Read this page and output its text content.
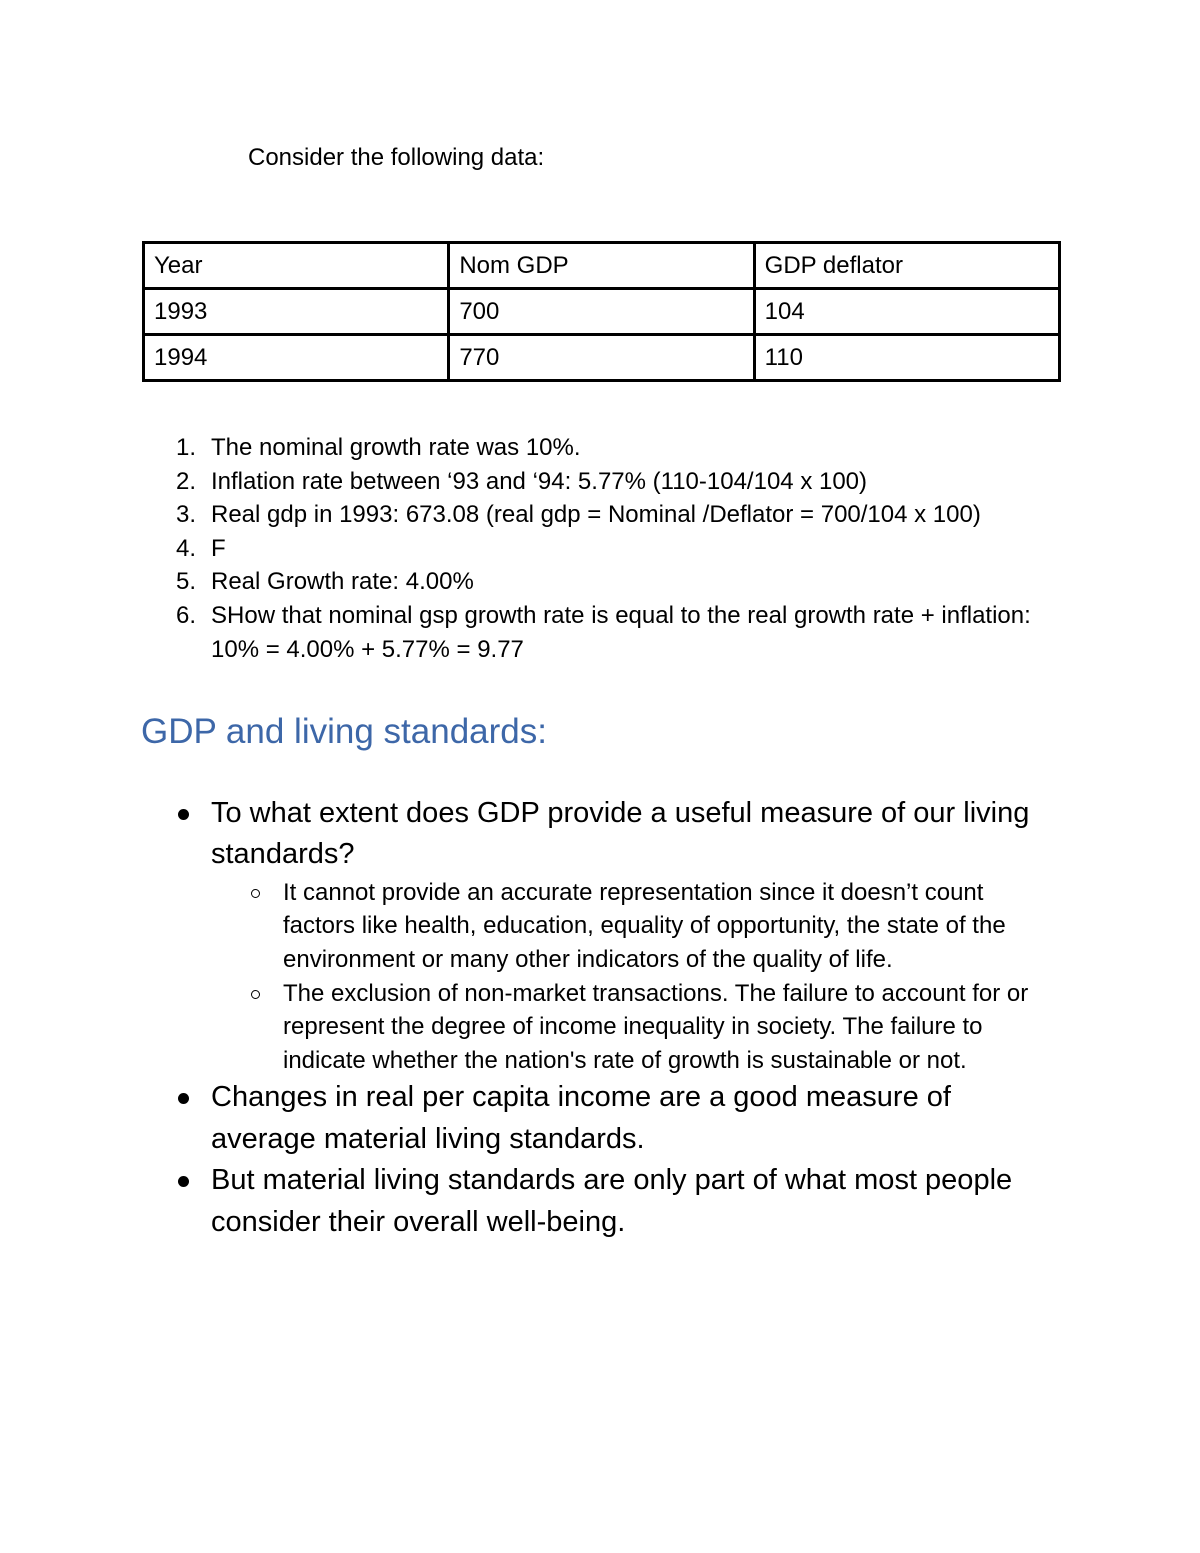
Consider the following data:

Year	Nom GDP	GDP deflator
1993	700	104
1994	770	110
1. The nominal growth rate was 10%.
2. Inflation rate between ‘93 and ‘94: 5.77% (110-104/104 x 100)
3. Real gdp in 1993: 673.08 (real gdp = Nominal /Deflator = 700/104 x 100)
4. F
5. Real Growth rate: 4.00%
6. SHow that nominal gsp growth rate is equal to the real growth rate + inflation: 10% = 4.00% + 5.77% = 9.77
GDP and living standards:
To what extent does GDP provide a useful measure of our living standards?
It cannot provide an accurate representation since it doesn’t count factors like health, education, equality of opportunity, the state of the environment or many other indicators of the quality of life.
The exclusion of non-market transactions. The failure to account for or represent the degree of income inequality in society. The failure to indicate whether the nation's rate of growth is sustainable or not.
Changes in real per capita income are a good measure of average material living standards.
But material living standards are only part of what most people consider their overall well-being.
